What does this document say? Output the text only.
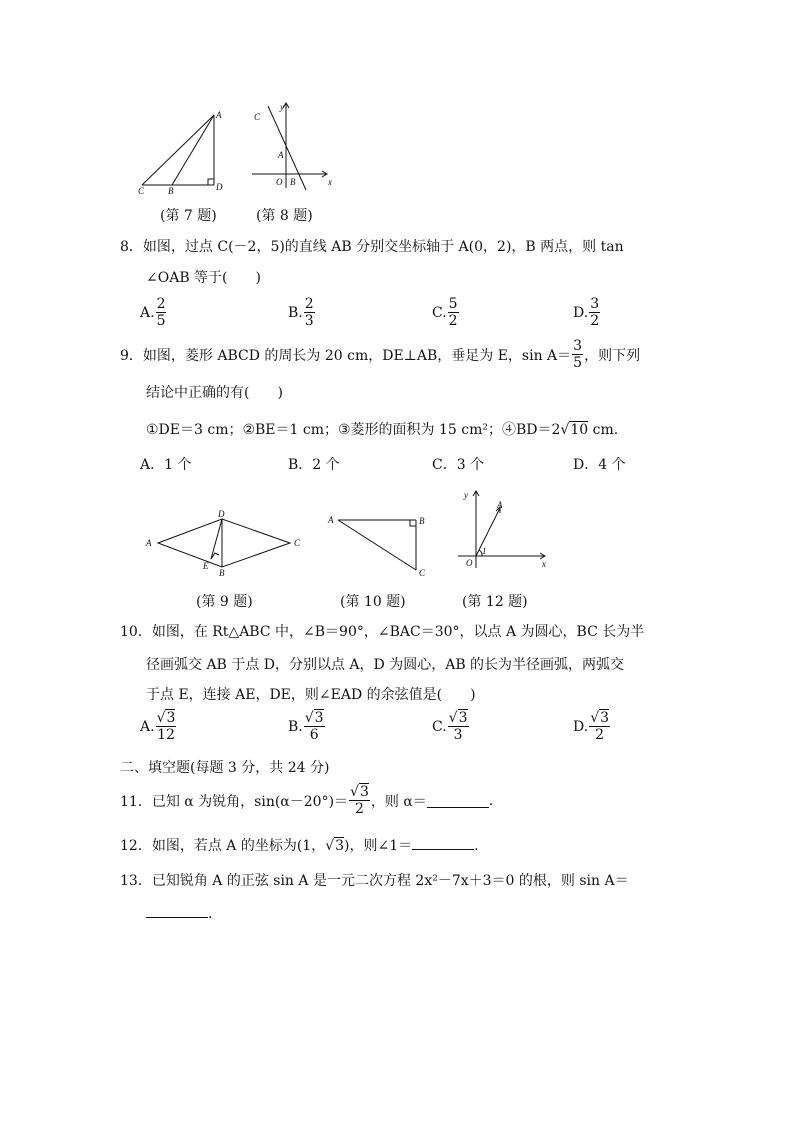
A
C	B	D
y
x
C
A
O B
(第 7 题)	(第 8 题)
8．如图，过点 C(－2，5)的直线 AB 分别交坐标轴于 A(0，2)，B 两点，则 tan
∠OAB 等于(　　)
A. $\frac{2}{5}$	B. $\frac{2}{3}$	C. $\frac{5}{2}$	D. $\frac{3}{2}$
9．如图，菱形 ABCD 的周长为 20 cm，DE⊥AB，垂足为 E，$\sin A= \frac{3}{5}$ ，则下列
结论中正确的有(　　)
①DE＝3 cm；②BE＝1 cm；③菱形的面积为 15 cm²；④BD＝2√10 cm.
A．1 个	B．2 个	C．3 个	D．4 个
A
D
C
E
B
A	B
C
y
x
A
O
1
(第 9 题)	(第 10 题)	(第 12 题)
10．如图，在 Rt△ABC 中，∠B＝90°，∠BAC＝30°，以点 A 为圆心，BC 长为半
径画弧交 AB 于点 D，分别以点 A，D 为圆心，AB 的长为半径画弧，两弧交
于点 E，连接 AE，DE，则∠EAD 的余弦值是(　　)
A. $\frac{√3}{12}$	B. $\frac{√3}{6}$	C. $\frac{√3}{3}$	D. $\frac{√3}{2}$
二、填空题(每题 3 分，共 24 分)
11．已知 α 为锐角，$\sin(\alpha-20^\circ)= \frac{√3}{2}$ ，则 α＝	.
12．如图，若点 A 的坐标为(1，√3)，则∠1＝	.
13．已知锐角 A 的正弦 sin A 是一元二次方程 2x²－7x＋3＝0 的根，则 sin A＝
.
